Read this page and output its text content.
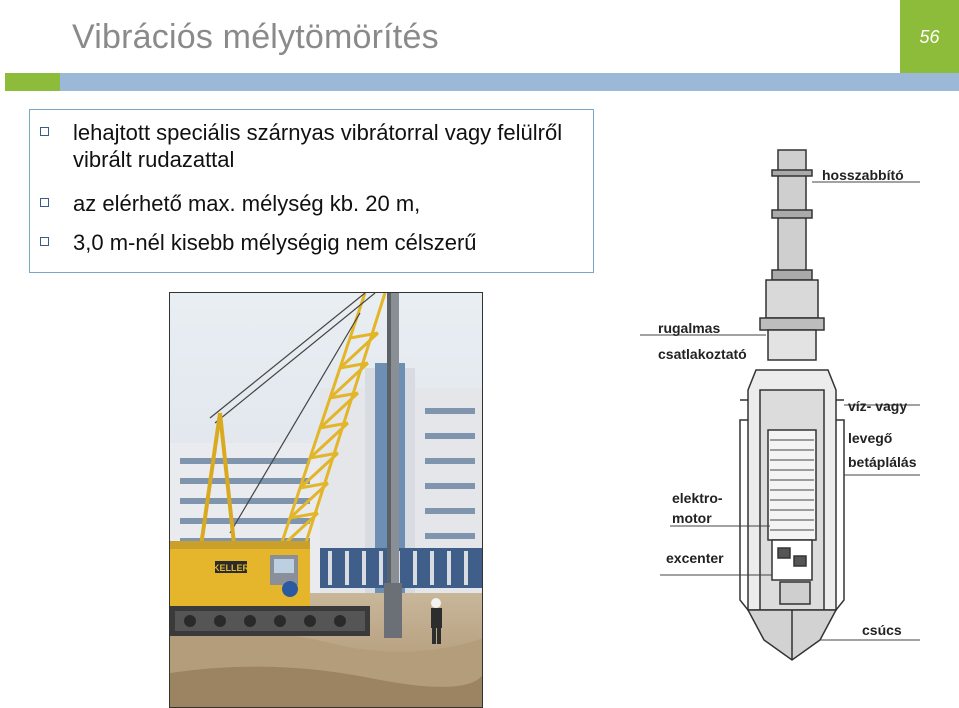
Vibrációs mélytömörítés	56
lehajtott speciális szárnyas vibrátorral vagy felülről vibrált rudazattal
az elérhető max. mélység kb. 20 m,
3,0 m-nél kisebb mélységig nem célszerű
KELLER
hosszabbító
rugalmas
csatlakoztató
víz- vagy
levegő
betáplálás
elektro-
motor
excenter
csúcs
